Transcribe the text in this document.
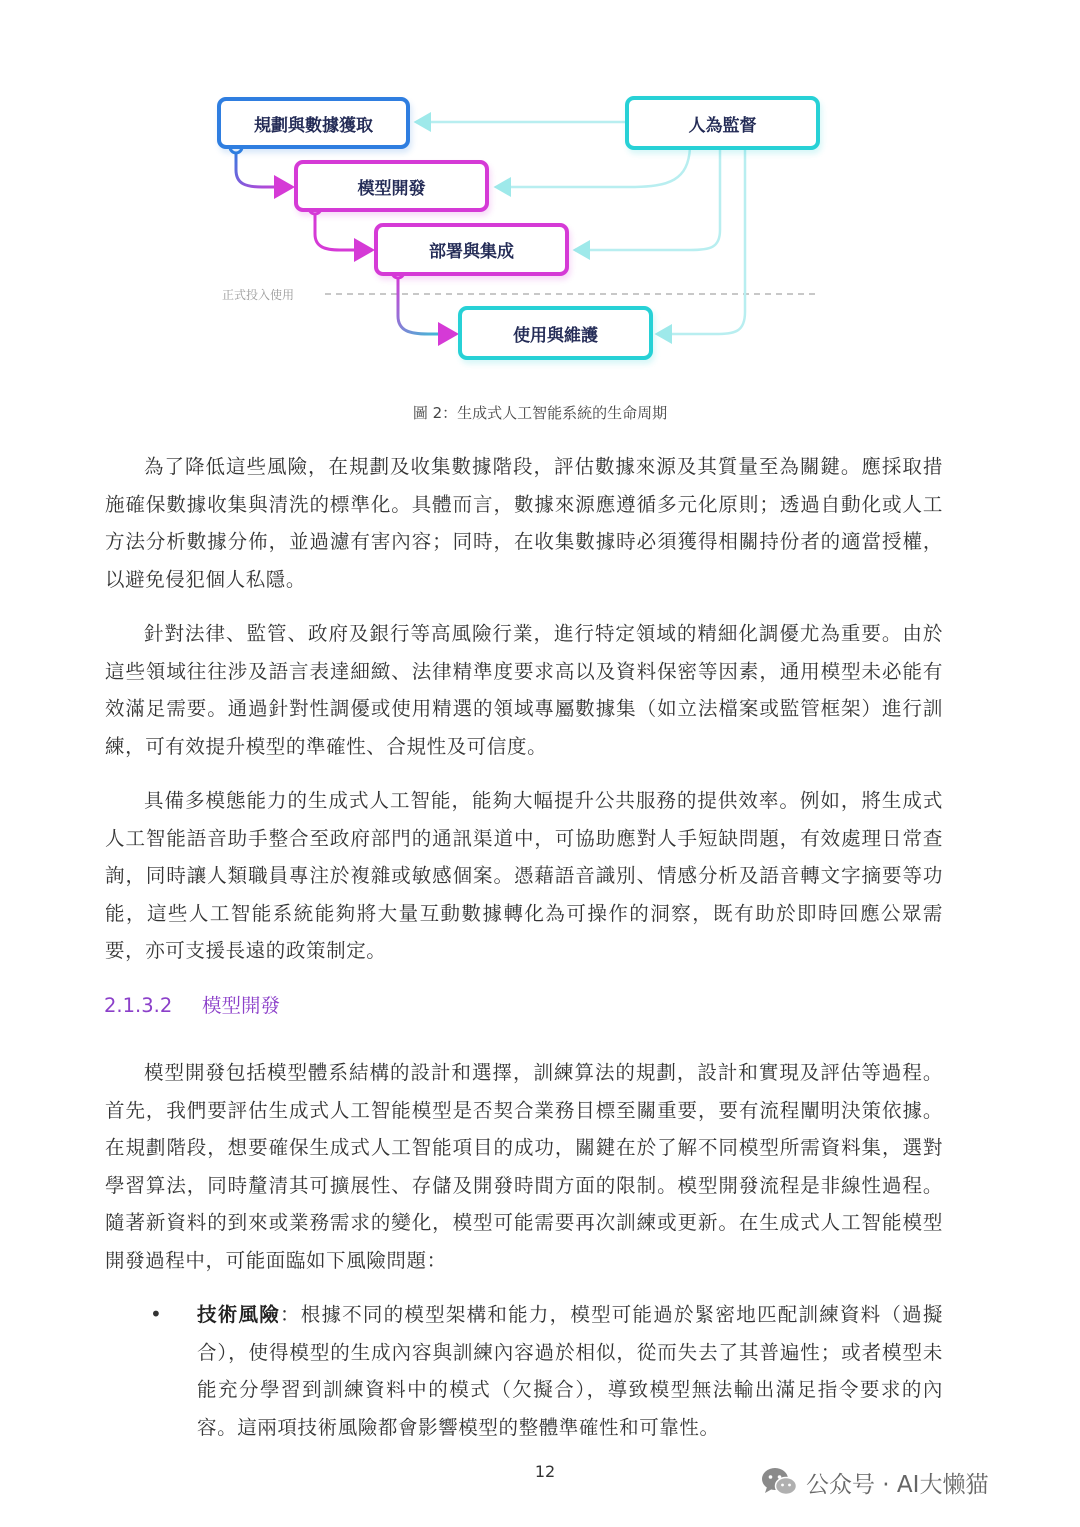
規劃與數據獲取	人為監督
模型開發
部署與集成
使用與維護
正式投入使用
圖 2：生成式人工智能系統的生命周期

為了降低這些風險，在規劃及收集數據階段，評估數據來源及其質量至為關鍵。應採取措施確保數據收集與清洗的標準化。具體而言，數據來源應遵循多元化原則；透過自動化或人工方法分析數據分佈，並過濾有害內容；同時，在收集數據時必須獲得相關持份者的適當授權，以避免侵犯個人私隱。

針對法律、監管、政府及銀行等高風險行業，進行特定領域的精細化調優尤為重要。由於這些領域往往涉及語言表達細緻、法律精準度要求高以及資料保密等因素，通用模型未必能有效滿足需要。通過針對性調優或使用精選的領域專屬數據集（如立法檔案或監管框架）進行訓練，可有效提升模型的準確性、合規性及可信度。

具備多模態能力的生成式人工智能，能夠大幅提升公共服務的提供效率。例如，將生成式人工智能語音助手整合至政府部門的通訊渠道中，可協助應對人手短缺問題，有效處理日常查詢，同時讓人類職員專注於複雜或敏感個案。憑藉語音識別、情感分析及語音轉文字摘要等功能，這些人工智能系統能夠將大量互動數據轉化為可操作的洞察，既有助於即時回應公眾需要，亦可支援長遠的政策制定。

2.1.3.2 模型開發

模型開發包括模型體系結構的設計和選擇，訓練算法的規劃，設計和實現及評估等過程。首先，我們要評估生成式人工智能模型是否契合業務目標至關重要，要有流程闡明決策依據。在規劃階段，想要確保生成式人工智能項目的成功，關鍵在於了解不同模型所需資料集，選對學習算法，同時釐清其可擴展性、存儲及開發時間方面的限制。模型開發流程是非線性過程。隨著新資料的到來或業務需求的變化，模型可能需要再次訓練或更新。在生成式人工智能模型開發過程中，可能面臨如下風險問題：

• 技術風險：根據不同的模型架構和能力，模型可能過於緊密地匹配訓練資料（過擬合），使得模型的生成內容與訓練內容過於相似，從而失去了其普遍性；或者模型未能充分學習到訓練資料中的模式（欠擬合），導致模型無法輸出滿足指令要求的內容。這兩項技術風險都會影響模型的整體準確性和可靠性。

12	公众号 · AI大懒猫
